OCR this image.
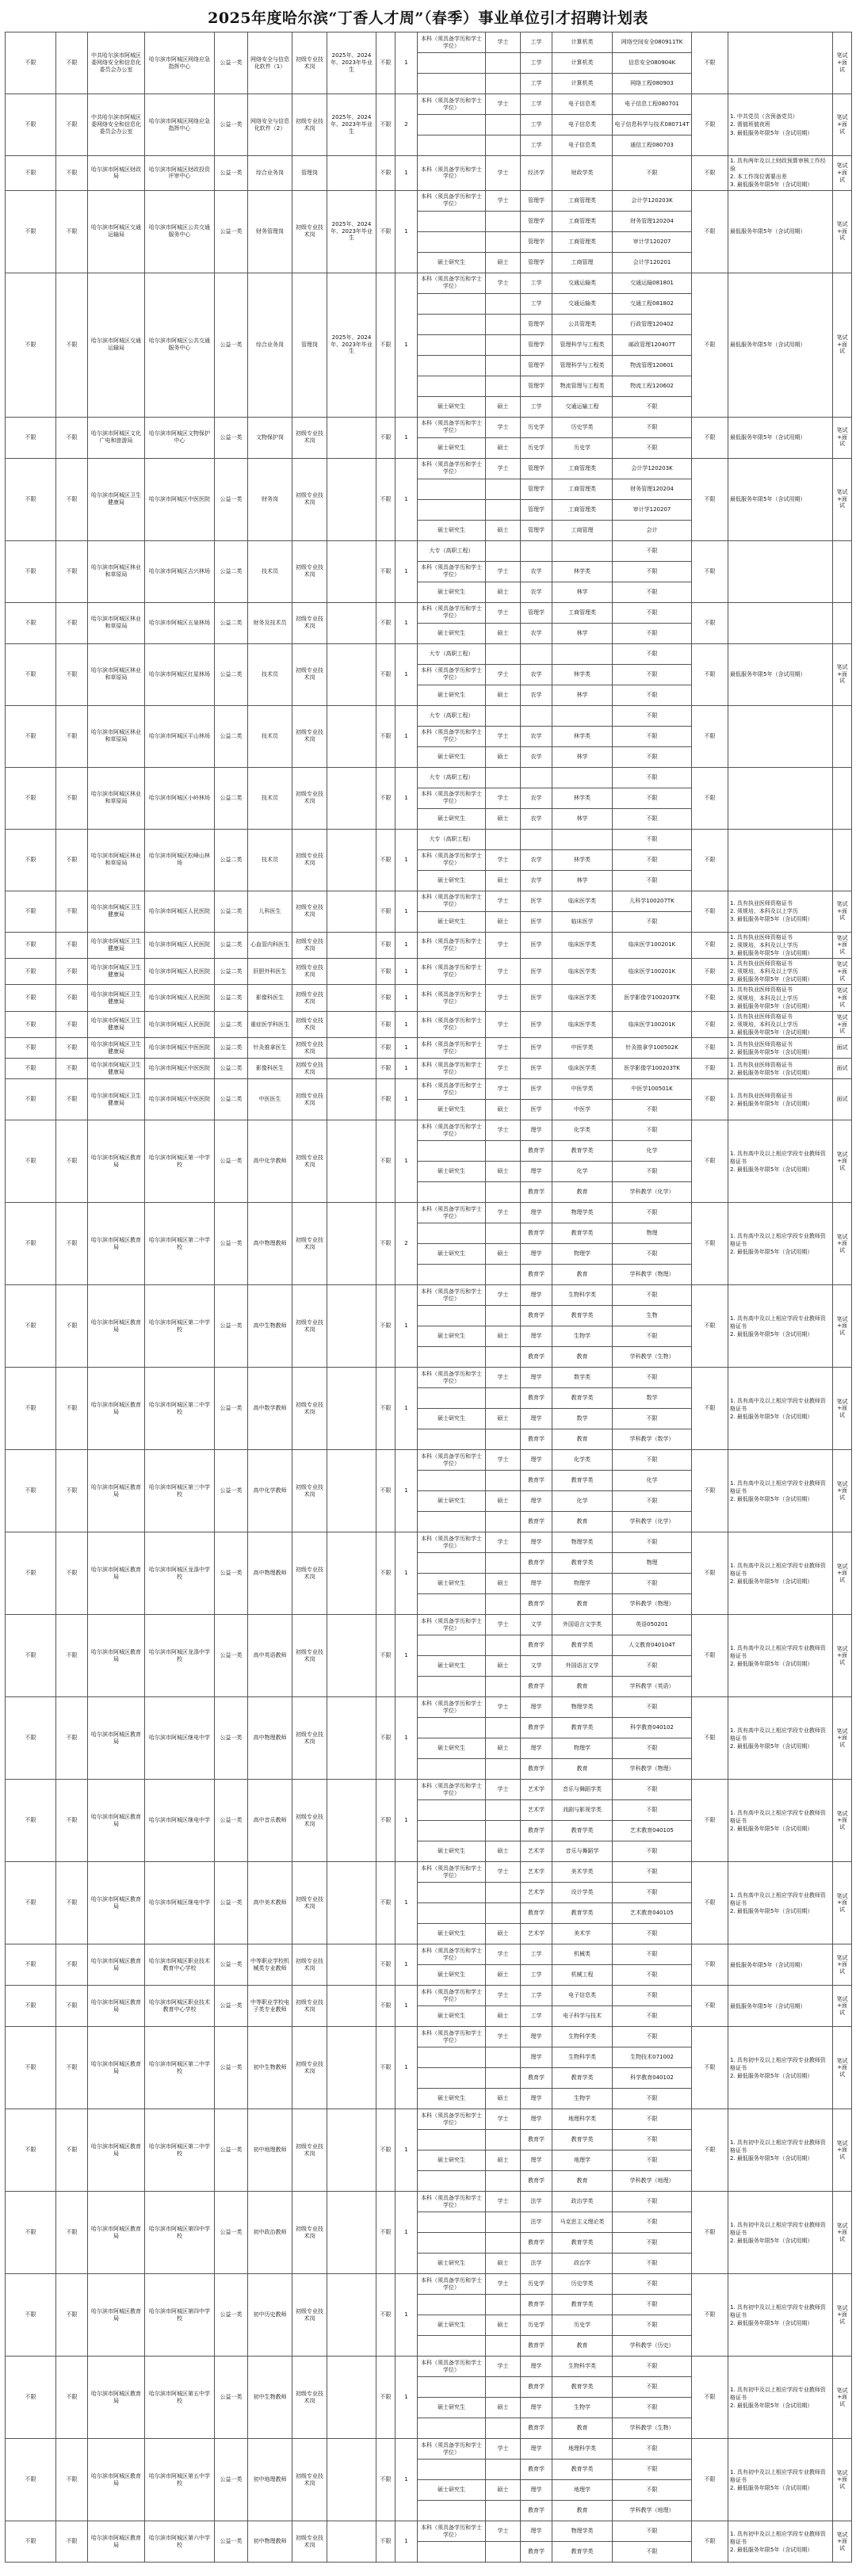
2025年度哈尔滨“丁香人才周”（春季）事业单位引才招聘计划表
不限	不限	中共哈尔滨市阿城区委网络安全和信息化委员会办公室	哈尔滨市阿城区网络应急指挥中心	公益一类	网络安全与信息化软件（1）	初级专业技术岗	2025年、2024年、2023年毕业生	不限	1	本科（须具备学历和学士学位）	学士	工学	计算机类	网络空间安全080911TK	不限		笔试+面试
												工学	计算机类	信息安全080904K			
												工学	计算机类	网络工程080903			
不限	不限	中共哈尔滨市阿城区委网络安全和信息化委员会办公室	哈尔滨市阿城区网络应急指挥中心	公益一类	网络安全与信息化软件（2）	初级专业技术岗	2025年、2024年、2023年毕业生	不限	2	本科（须具备学历和学士学位）	学士	工学	电子信息类	电子信息工程080701	不限	1. 中共党员（含预备党员）
2. 需值班值夜班
3. 最低服务年限5年（含试用期）	笔试+面试
												工学	电子信息类	电子信息科学与技术080714T			
												工学	电子信息类	通信工程080703			
不限	不限	哈尔滨市阿城区财政局	哈尔滨市阿城区财政投资评审中心	公益一类	综合业务岗	管理岗		不限	1	本科（须具备学历和学士学位）	学士	经济学	财政学类	不限	不限	1. 具有两年及以上财政预算审核工作经验
2. 本工作岗位需要出差
3. 最低服务年限5年（含试用期）	笔试+面试
不限	不限	哈尔滨市阿城区交通运输局	哈尔滨市阿城区公共交通服务中心	公益一类	财务管理岗	初级专业技术岗	2025年、2024年、2023年毕业生	不限	1	本科（须具备学历和学士学位）	学士	管理学	工商管理类	会计学120203K	不限	最低服务年限5年（含试用期）	笔试+面试
												管理学	工商管理类	财务管理120204			
												管理学	工商管理类	审计学120207			
										硕士研究生	硕士	管理学	工商管理	会计学120201			
不限	不限	哈尔滨市阿城区交通运输局	哈尔滨市阿城区公共交通服务中心	公益一类	综合业务岗	管理岗	2025年、2024年、2023年毕业生	不限	1	本科（须具备学历和学士学位）	学士	工学	交通运输类	交通运输081801	不限	最低服务年限5年（含试用期）	笔试+面试
												工学	交通运输类	交通工程081802			
												管理学	公共管理类	行政管理120402			
												管理学	管理科学与工程类	邮政管理120407T			
												管理学	管理科学与工程类	物流管理120601			
												管理学	物流管理与工程类	物流工程120602			
										硕士研究生	硕士	工学	交通运输工程	不限			
不限	不限	哈尔滨市阿城区文化广电和旅游局	哈尔滨市阿城区文物保护中心	公益一类	文物保护岗	初级专业技术岗		不限	1	本科（须具备学历和学士学位）	学士	历史学	历史学类	不限	不限	最低服务年限5年（含试用期）	笔试+面试
										硕士研究生	硕士	历史学	历史学	不限			
不限	不限	哈尔滨市阿城区卫生健康局	哈尔滨市阿城区中医医院	公益一类	财务岗	初级专业技术岗		不限	1	本科（须具备学历和学士学位）	学士	管理学	工商管理类	会计学120203K	不限	最低服务年限5年（含试用期）	笔试+面试
												管理学	工商管理类	财务管理120204			
												管理学	工商管理类	审计学120207			
										硕士研究生	硕士	管理学	工商管理	会计			
不限	不限	哈尔滨市阿城区林业和草原局	哈尔滨市阿城区吉兴林场	公益二类	技术员	初级专业技术岗		不限	1	大专（高职工程）				不限	不限		
										本科（须具备学历和学士学位）	学士	农学	林学类	不限			
										硕士研究生	硕士	农学	林学	不限			
不限	不限	哈尔滨市阿城区林业和草原局	哈尔滨市阿城区五泉林场	公益二类	财务及技术员	初级专业技术岗		不限	1	本科（须具备学历和学士学位）	学士	管理学	工商管理类	不限	不限		
										硕士研究生	硕士	农学	林学	不限			
不限	不限	哈尔滨市阿城区林业和草原局	哈尔滨市阿城区红星林场	公益二类	技术员	初级专业技术岗		不限	1	大专（高职工程）				不限	不限	最低服务年限5年（含试用期）	笔试+面试
										本科（须具备学历和学士学位）	学士	农学	林学类	不限			
										硕士研究生	硕士	农学	林学	不限			
不限	不限	哈尔滨市阿城区林业和草原局	哈尔滨市阿城区平山林场	公益二类	技术员	初级专业技术岗		不限	1	大专（高职工程）				不限	不限		
										本科（须具备学历和学士学位）	学士	农学	林学类	不限			
										硕士研究生	硕士	农学	林学	不限			
不限	不限	哈尔滨市阿城区林业和草原局	哈尔滨市阿城区小岭林场	公益二类	技术员	初级专业技术岗		不限	1	大专（高职工程）				不限	不限		
										本科（须具备学历和学士学位）	学士	农学	林学类	不限			
										硕士研究生	硕士	农学	林学	不限			
不限	不限	哈尔滨市阿城区林业和草原局	哈尔滨市阿城区松峰山林场	公益二类	技术员	初级专业技术岗		不限	1	大专（高职工程）				不限	不限		
										本科（须具备学历和学士学位）	学士	农学	林学类	不限			
										硕士研究生	硕士	农学	林学	不限			
不限	不限	哈尔滨市阿城区卫生健康局	哈尔滨市阿城区人民医院	公益二类	儿科医生	初级专业技术岗		不限	1	本科（须具备学历和学士学位）	学士	医学	临床医学类	儿科学100207TK	不限	1. 具有执业医师资格证书
2. 须规培，本科及以上学历
3. 最低服务年限5年（含试用期）	笔试+面试
										硕士研究生	硕士	医学	临床医学	不限			
不限	不限	哈尔滨市阿城区卫生健康局	哈尔滨市阿城区人民医院	公益二类	心血管内科医生	初级专业技术岗		不限	1	本科（须具备学历和学士学位）	学士	医学	临床医学类	临床医学100201K	不限	1. 具有执业医师资格证书
2. 须规培，本科及以上学历
3. 最低服务年限5年（含试用期）	笔试+面试
不限	不限	哈尔滨市阿城区卫生健康局	哈尔滨市阿城区人民医院	公益二类	肝胆外科医生	初级专业技术岗		不限	1	本科（须具备学历和学士学位）	学士	医学	临床医学类	临床医学100201K	不限	1. 具有执业医师资格证书
2. 须规培，本科及以上学历
3. 最低服务年限5年（含试用期）	笔试+面试
不限	不限	哈尔滨市阿城区卫生健康局	哈尔滨市阿城区人民医院	公益二类	影像科医生	初级专业技术岗		不限	1	本科（须具备学历和学士学位）	学士	医学	临床医学类	医学影像学100203TK	不限	1. 具有执业医师资格证书
2. 须规培，本科及以上学历
3. 最低服务年限5年（含试用期）	笔试+面试
不限	不限	哈尔滨市阿城区卫生健康局	哈尔滨市阿城区人民医院	公益二类	重症医学科医生	初级专业技术岗		不限	1	本科（须具备学历和学士学位）	学士	医学	临床医学类	临床医学100201K	不限	1. 具有执业医师资格证书
2. 须规培，本科及以上学历
3. 最低服务年限5年（含试用期）	笔试+面试
不限	不限	哈尔滨市阿城区卫生健康局	哈尔滨市阿城区中医医院	公益二类	针灸推拿医生	初级专业技术岗		不限	1	本科（须具备学历和学士学位）	学士	医学	中医学类	针灸推拿学100502K	不限	1. 具有执业医师资格证书
2. 最低服务年限5年（含试用期）	面试
不限	不限	哈尔滨市阿城区卫生健康局	哈尔滨市阿城区中医医院	公益二类	影像科医生	初级专业技术岗		不限	1	本科（须具备学历和学士学位）	学士	医学	临床医学类	医学影像学100203TK	不限	1. 具有执业医师资格证书
2. 最低服务年限5年（含试用期）	面试
不限	不限	哈尔滨市阿城区卫生健康局	哈尔滨市阿城区中医医院	公益二类	中医医生	初级专业技术岗		不限	1	本科（须具备学历和学士学位）	学士	医学	中医学类	中医学100501K	不限	1. 具有执业医师资格证书
2. 最低服务年限5年（含试用期）	面试
										硕士研究生	硕士	医学	中医学	不限			
不限	不限	哈尔滨市阿城区教育局	哈尔滨市阿城区第一中学校	公益一类	高中化学教师	初级专业技术岗		不限	1	本科（须具备学历和学士学位）	学士	理学	化学类	不限	不限	1. 具有高中及以上相应学段专业教师资格证书
2. 最低服务年限5年（含试用期）	笔试+面试
												教育学	教育学类	化学			
										硕士研究生	硕士	理学	化学	不限			
												教育学	教育	学科教学（化学）			
不限	不限	哈尔滨市阿城区教育局	哈尔滨市阿城区第二中学校	公益一类	高中物理教师	初级专业技术岗		不限	2	本科（须具备学历和学士学位）	学士	理学	物理学类	不限	不限	1. 具有高中及以上相应学段专业教师资格证书
2. 最低服务年限5年（含试用期）	笔试+面试
												教育学	教育学类	物理			
										硕士研究生	硕士	理学	物理学	不限			
												教育学	教育	学科教学（物理）			
不限	不限	哈尔滨市阿城区教育局	哈尔滨市阿城区第二中学校	公益一类	高中生物教师	初级专业技术岗		不限	1	本科（须具备学历和学士学位）	学士	理学	生物科学类	不限	不限	1. 具有高中及以上相应学段专业教师资格证书
2. 最低服务年限5年（含试用期）	笔试+面试
												教育学	教育学类	生物			
										硕士研究生	硕士	理学	生物学	不限			
												教育学	教育	学科教学（生物）			
不限	不限	哈尔滨市阿城区教育局	哈尔滨市阿城区第二中学校	公益一类	高中数学教师	初级专业技术岗		不限	1	本科（须具备学历和学士学位）	学士	理学	数学类	不限	不限	1. 具有高中及以上相应学段专业教师资格证书
2. 最低服务年限5年（含试用期）	笔试+面试
												教育学	教育学类	数学			
										硕士研究生	硕士	理学	数学	不限			
												教育学	教育	学科教学（数学）			
不限	不限	哈尔滨市阿城区教育局	哈尔滨市阿城区第三中学校	公益一类	高中化学教师	初级专业技术岗		不限	1	本科（须具备学历和学士学位）	学士	理学	化学类	不限	不限	1. 具有高中及以上相应学段专业教师资格证书
2. 最低服务年限5年（含试用期）	笔试+面试
												教育学	教育学类	化学			
										硕士研究生	硕士	理学	化学	不限			
												教育学	教育	学科教学（化学）			
不限	不限	哈尔滨市阿城区教育局	哈尔滨市阿城区龙涤中学校	公益一类	高中物理教师	初级专业技术岗		不限	1	本科（须具备学历和学士学位）	学士	理学	物理学类	不限	不限	1. 具有高中及以上相应学段专业教师资格证书
2. 最低服务年限5年（含试用期）	笔试+面试
												教育学	教育学类	物理			
										硕士研究生	硕士	理学	物理学	不限			
												教育学	教育	学科教学（物理）			
不限	不限	哈尔滨市阿城区教育局	哈尔滨市阿城区龙涤中学校	公益一类	高中英语教师	初级专业技术岗		不限	1	本科（须具备学历和学士学位）	学士	文学	外国语言文学类	英语050201	不限	1. 具有高中及以上相应学段专业教师资格证书
2. 最低服务年限5年（含试用期）	笔试+面试
												教育学	教育学类	人文教育040104T			
										硕士研究生	硕士	文学	外国语言文学	不限			
												教育学	教育	学科教学（英语）			
不限	不限	哈尔滨市阿城区教育局	哈尔滨市阿城区继电中学	公益一类	高中物理教师	初级专业技术岗		不限	1	本科（须具备学历和学士学位）	学士	理学	物理学类	不限	不限	1. 具有高中及以上相应学段专业教师资格证书
2. 最低服务年限5年（含试用期）	笔试+面试
												教育学	教育学类	科学教育040102			
										硕士研究生	硕士	理学	物理学	不限			
												教育学	教育	学科教学（物理）			
不限	不限	哈尔滨市阿城区教育局	哈尔滨市阿城区继电中学	公益一类	高中音乐教师	初级专业技术岗		不限	1	本科（须具备学历和学士学位）	学士	艺术学	音乐与舞蹈学类	不限	不限	1. 具有高中及以上相应学段专业教师资格证书
2. 最低服务年限5年（含试用期）	笔试+面试
												艺术学	戏剧与影视学类	不限			
												教育学	教育学类	艺术教育040105			
										硕士研究生	硕士	艺术学	音乐与舞蹈学	不限			
不限	不限	哈尔滨市阿城区教育局	哈尔滨市阿城区继电中学	公益一类	高中美术教师	初级专业技术岗		不限	1	本科（须具备学历和学士学位）	学士	艺术学	美术学类	不限	不限	1. 具有高中及以上相应学段专业教师资格证书
2. 最低服务年限5年（含试用期）	笔试+面试
												艺术学	设计学类	不限			
												教育学	教育学类	艺术教育040105			
										硕士研究生	硕士	艺术学	美术学	不限			
不限	不限	哈尔滨市阿城区教育局	哈尔滨市阿城区职业技术教育中心学校	公益一类	中等职业学校机械类专业教师	初级专业技术岗		不限	1	本科（须具备学历和学士学位）	学士	工学	机械类	不限	不限	最低服务年限5年（含试用期）	笔试+面试
										硕士研究生	硕士	工学	机械工程	不限			
不限	不限	哈尔滨市阿城区教育局	哈尔滨市阿城区职业技术教育中心学校	公益一类	中等职业学校电子类专业教师	初级专业技术岗		不限	1	本科（须具备学历和学士学位）	学士	工学	电子信息类	不限	不限	最低服务年限5年（含试用期）	笔试+面试
										硕士研究生	硕士	工学	电子科学与技术	不限			
不限	不限	哈尔滨市阿城区教育局	哈尔滨市阿城区第二中学校	公益一类	初中生物教师	初级专业技术岗		不限	1	本科（须具备学历和学士学位）	学士	理学	生物科学类	不限	不限	1. 具有初中及以上相应学段专业教师资格证书
2. 最低服务年限5年（含试用期）	笔试+面试
												理学	生物科学类	生物技术071002			
												教育学	教育学类	科学教育040102			
										硕士研究生	硕士	理学	生物学	不限			
不限	不限	哈尔滨市阿城区教育局	哈尔滨市阿城区第二中学校	公益一类	初中地理教师	初级专业技术岗		不限	1	本科（须具备学历和学士学位）	学士	理学	地理科学类	不限	不限	1. 具有初中及以上相应学段专业教师资格证书
2. 最低服务年限5年（含试用期）	笔试+面试
												教育学	教育学类	不限			
										硕士研究生	硕士	理学	地理学	不限			
												教育学	教育	学科教学（地理）			
不限	不限	哈尔滨市阿城区教育局	哈尔滨市阿城区第四中学校	公益一类	初中政治教师	初级专业技术岗		不限	1	本科（须具备学历和学士学位）	学士	法学	政治学类	不限	不限	1. 具有初中及以上相应学段专业教师资格证书
2. 最低服务年限5年（含试用期）	笔试+面试
												法学	马克思主义理论类	不限			
												教育学	教育学类	不限			
										硕士研究生	硕士	法学	政治学	不限			
不限	不限	哈尔滨市阿城区教育局	哈尔滨市阿城区第四中学校	公益一类	初中历史教师	初级专业技术岗		不限	1	本科（须具备学历和学士学位）	学士	历史学	历史学类	不限	不限	1. 具有初中及以上相应学段专业教师资格证书
2. 最低服务年限5年（含试用期）	笔试+面试
												教育学	教育学类	不限			
										硕士研究生	硕士	历史学	历史学	不限			
												教育学	教育	学科教学（历史）			
不限	不限	哈尔滨市阿城区教育局	哈尔滨市阿城区第五中学校	公益一类	初中生物教师	初级专业技术岗		不限	1	本科（须具备学历和学士学位）	学士	理学	生物科学类	不限	不限	1. 具有初中及以上相应学段专业教师资格证书
2. 最低服务年限5年（含试用期）	笔试+面试
												教育学	教育学类	不限			
										硕士研究生	硕士	理学	生物学	不限			
												教育学	教育	学科教学（生物）			
不限	不限	哈尔滨市阿城区教育局	哈尔滨市阿城区第五中学校	公益一类	初中地理教师	初级专业技术岗		不限	1	本科（须具备学历和学士学位）	学士	理学	地理科学类	不限	不限	1. 具有初中及以上相应学段专业教师资格证书
2. 最低服务年限5年（含试用期）	笔试+面试
												教育学	教育学类	不限			
										硕士研究生	硕士	理学	地理学	不限			
												教育学	教育	学科教学（地理）			
不限	不限	哈尔滨市阿城区教育局	哈尔滨市阿城区第六中学校	公益一类	初中物理教师	初级专业技术岗		不限	1	本科（须具备学历和学士学位）	学士	理学	物理学类	不限	不限	1. 具有初中及以上相应学段专业教师资格证书
2. 最低服务年限5年（含试用期）	笔试+面试
												教育学	教育学类	不限			
